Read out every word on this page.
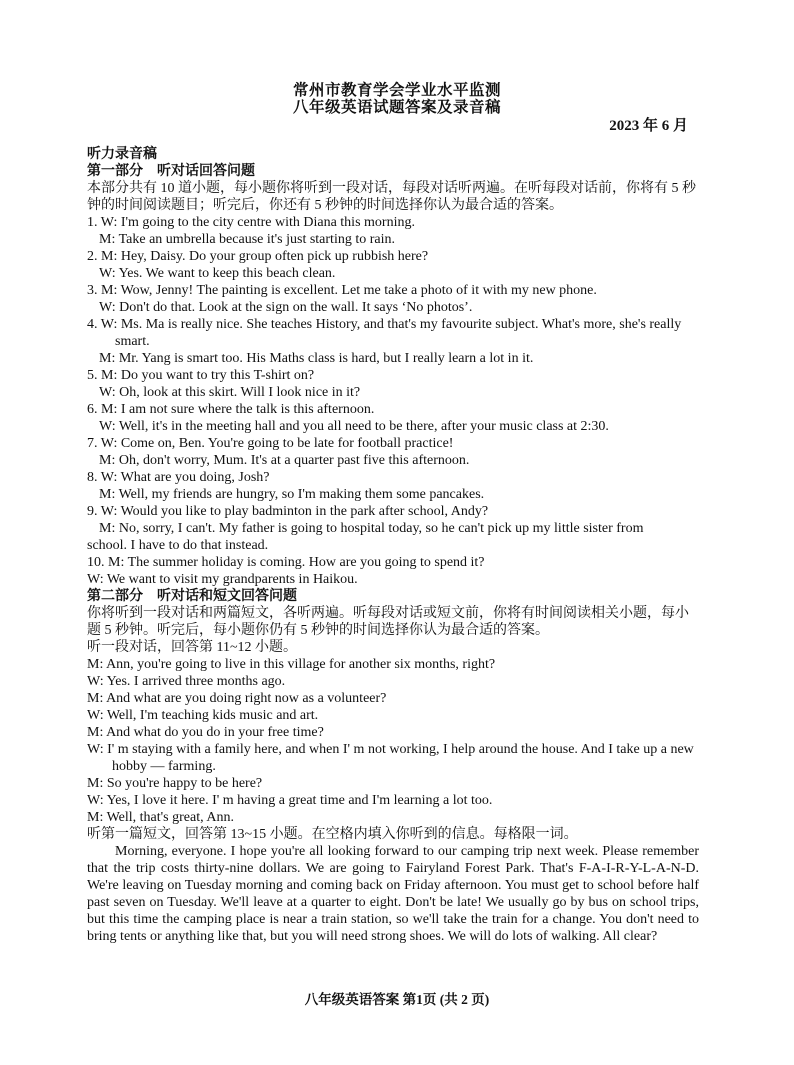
常州市教育学会学业水平监测
八年级英语试题答案及录音稿
2023 年 6 月

听力录音稿

第一部分　听对话回答问题

本部分共有 10 道小题，每小题你将听到一段对话，每段对话听两遍。在听每段对话前，你将有 5 秒钟的时间阅读题目；听完后，你还有 5 秒钟的时间选择你认为最合适的答案。

1. W: I'm going to the city centre with Diana this morning.

M: Take an umbrella because it's just starting to rain.

2. M: Hey, Daisy. Do your group often pick up rubbish here?

W: Yes. We want to keep this beach clean.

3. M: Wow, Jenny! The painting is excellent. Let me take a photo of it with my new phone.

W: Don't do that. Look at the sign on the wall. It says ‘No photos’.

4. W: Ms. Ma is really nice. She teaches History, and that's my favourite subject. What's more, she's really smart.

M: Mr. Yang is smart too. His Maths class is hard, but I really learn a lot in it.

5. M: Do you want to try this T-shirt on?

W: Oh, look at this skirt. Will I look nice in it?

6. M: I am not sure where the talk is this afternoon.

W: Well, it's in the meeting hall and you all need to be there, after your music class at 2:30.

7. W: Come on, Ben. You're going to be late for football practice!

M: Oh, don't worry, Mum. It's at a quarter past five this afternoon.

8. W: What are you doing, Josh?

M: Well, my friends are hungry, so I'm making them some pancakes.

9. W: Would you like to play badminton in the park after school, Andy?

M: No, sorry, I can't. My father is going to hospital today, so he can't pick up my little sister from

school. I have to do that instead.

10. M: The summer holiday is coming. How are you going to spend it?

W: We want to visit my grandparents in Haikou.

第二部分　听对话和短文回答问题

你将听到一段对话和两篇短文，各听两遍。听每段对话或短文前，你将有时间阅读相关小题，每小题 5 秒钟。听完后，每小题你仍有 5 秒钟的时间选择你认为最合适的答案。

听一段对话，回答第 11~12 小题。

M: Ann, you're going to live in this village for another six months, right?

W: Yes. I arrived three months ago.

M: And what are you doing right now as a volunteer?

W: Well, I'm teaching kids music and art.

M: And what do you do in your free time?

W: I' m staying with a family here, and when I' m not working, I help around the house. And I take up a new hobby — farming.

M: So you're happy to be here?

W: Yes, I love it here. I' m having a great time and I'm learning a lot too.

M: Well, that's great, Ann.

听第一篇短文，回答第 13~15 小题。在空格内填入你听到的信息。每格限一词。

Morning, everyone. I hope you're all looking forward to our camping trip next week. Please remember that the trip costs thirty-nine dollars. We are going to Fairyland Forest Park. That's F-A-I-R-Y-L-A-N-D. We're leaving on Tuesday morning and coming back on Friday afternoon. You must get to school before half past seven on Tuesday. We'll leave at a quarter to eight. Don't be late! We usually go by bus on school trips, but this time the camping place is near a train station, so we'll take the train for a change. You don't need to bring tents or anything like that, but you will need strong shoes. We will do lots of walking. All clear?

八年级英语答案 第1页 (共 2 页)
